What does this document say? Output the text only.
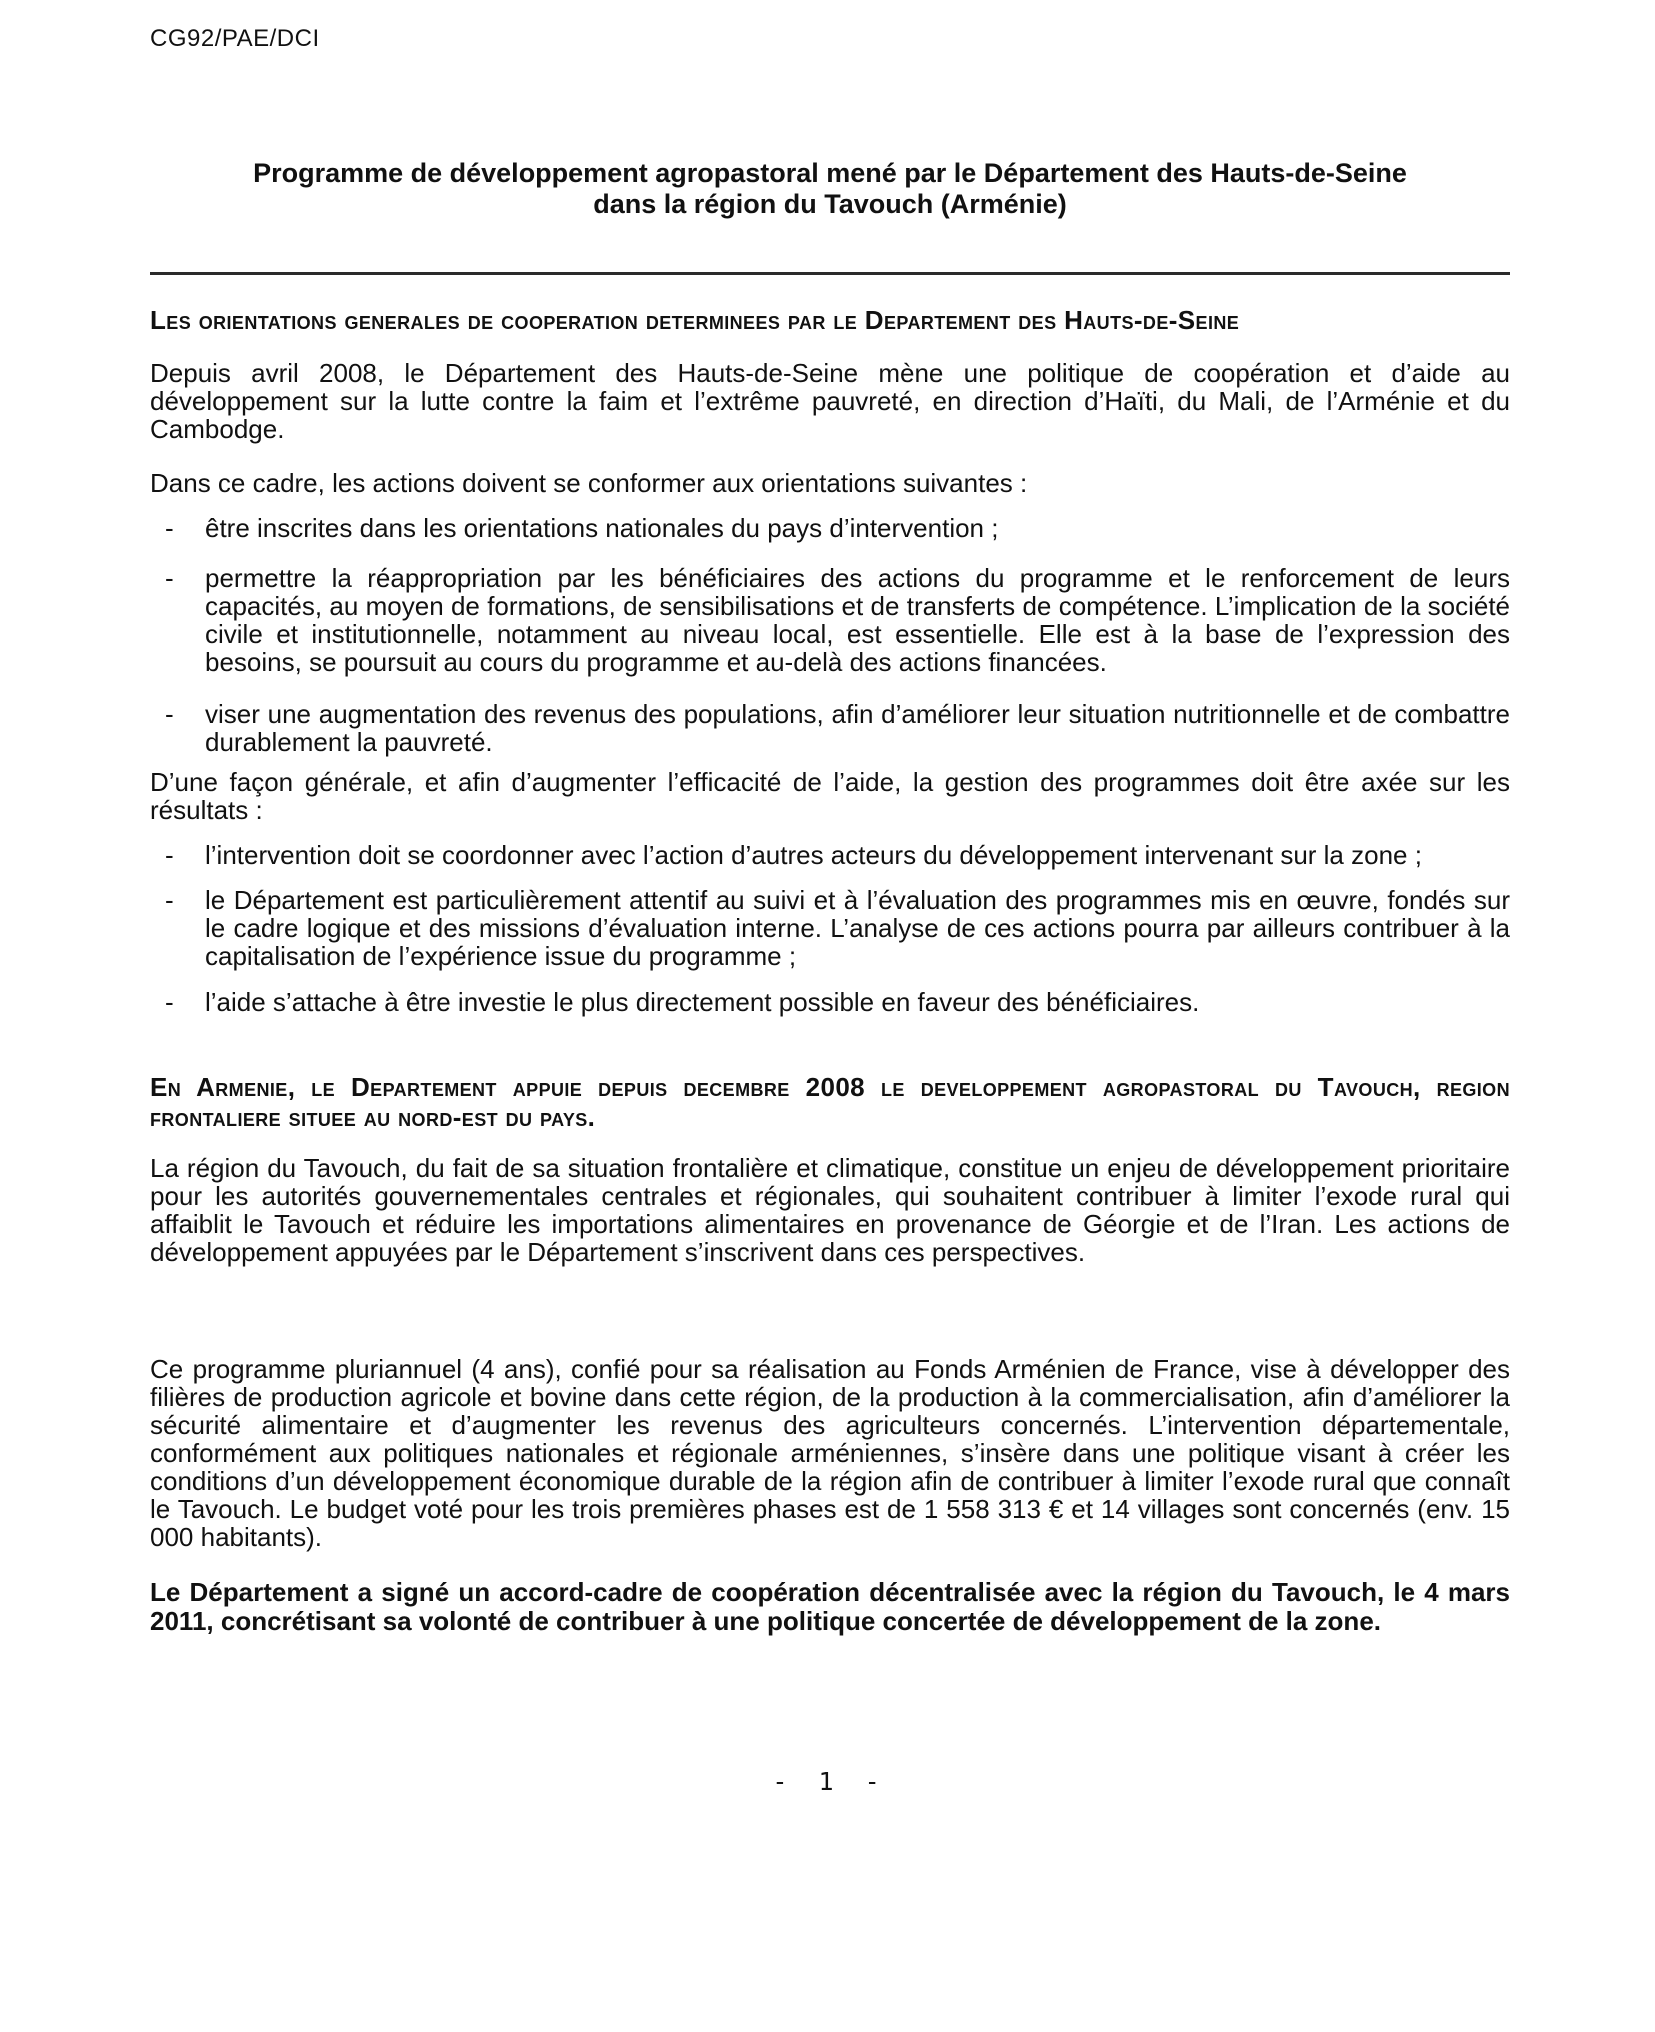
CG92/PAE/DCI
Programme de développement agropastoral mené par le Département des Hauts-de-Seine
dans la région du Tavouch (Arménie)
Les orientations generales de cooperation determinees par le Departement des Hauts-de-Seine

Depuis avril 2008, le Département des Hauts-de-Seine mène une politique de coopération et d’aide au développement sur la lutte contre la faim et l’extrême pauvreté, en direction d’Haïti, du Mali, de l’Arménie et du Cambodge.

Dans ce cadre, les actions doivent se conformer aux orientations suivantes :

-	être inscrites dans les orientations nationales du pays d’intervention ;
-	permettre la réappropriation par les bénéficiaires des actions du programme et le renforcement de leurs capacités, au moyen de formations, de sensibilisations et de transferts de compétence. L’implication de la société civile et institutionnelle, notamment au niveau local, est essentielle. Elle est à la base de l’expression des besoins, se poursuit au cours du programme et au-delà des actions financées.
-	viser une augmentation des revenus des populations, afin d’améliorer leur situation nutritionnelle et de combattre durablement la pauvreté.

D’une façon générale, et afin d’augmenter l’efficacité de l’aide, la gestion des programmes doit être axée sur les résultats :

-	l’intervention doit se coordonner avec l’action d’autres acteurs du développement intervenant sur la zone ;
-	le Département est particulièrement attentif au suivi et à l’évaluation des programmes mis en œuvre, fondés sur le cadre logique et des missions d’évaluation interne. L’analyse de ces actions pourra par ailleurs contribuer à la capitalisation de l’expérience issue du programme ;
-	l’aide s’attache à être investie le plus directement possible en faveur des bénéficiaires.
En Armenie, le Departement appuie depuis decembre 2008 le developpement agropastoral du Tavouch, region frontaliere situee au nord-est du pays.

La région du Tavouch, du fait de sa situation frontalière et climatique, constitue un enjeu de développement prioritaire pour les autorités gouvernementales centrales et régionales, qui souhaitent contribuer à limiter l’exode rural qui affaiblit le Tavouch et réduire les importations alimentaires en provenance de Géorgie et de l’Iran. Les actions de développement appuyées par le Département s’inscrivent dans ces perspectives.

Ce programme pluriannuel (4 ans), confié pour sa réalisation au Fonds Arménien de France, vise à développer des filières de production agricole et bovine dans cette région, de la production à la commercialisation, afin d’améliorer la sécurité alimentaire et d’augmenter les revenus des agriculteurs concernés. L’intervention départementale, conformément aux politiques nationales et régionale arméniennes, s’insère dans une politique visant à créer les conditions d’un développement économique durable de la région afin de contribuer à limiter l’exode rural que connaît le Tavouch. Le budget voté pour les trois premières phases est de 1 558 313 € et 14 villages sont concernés (env. 15 000 habitants).

Le Département a signé un accord-cadre de coopération décentralisée avec la région du Tavouch, le 4 mars 2011, concrétisant sa volonté de contribuer à une politique concertée de développement de la zone.

- 1 -
